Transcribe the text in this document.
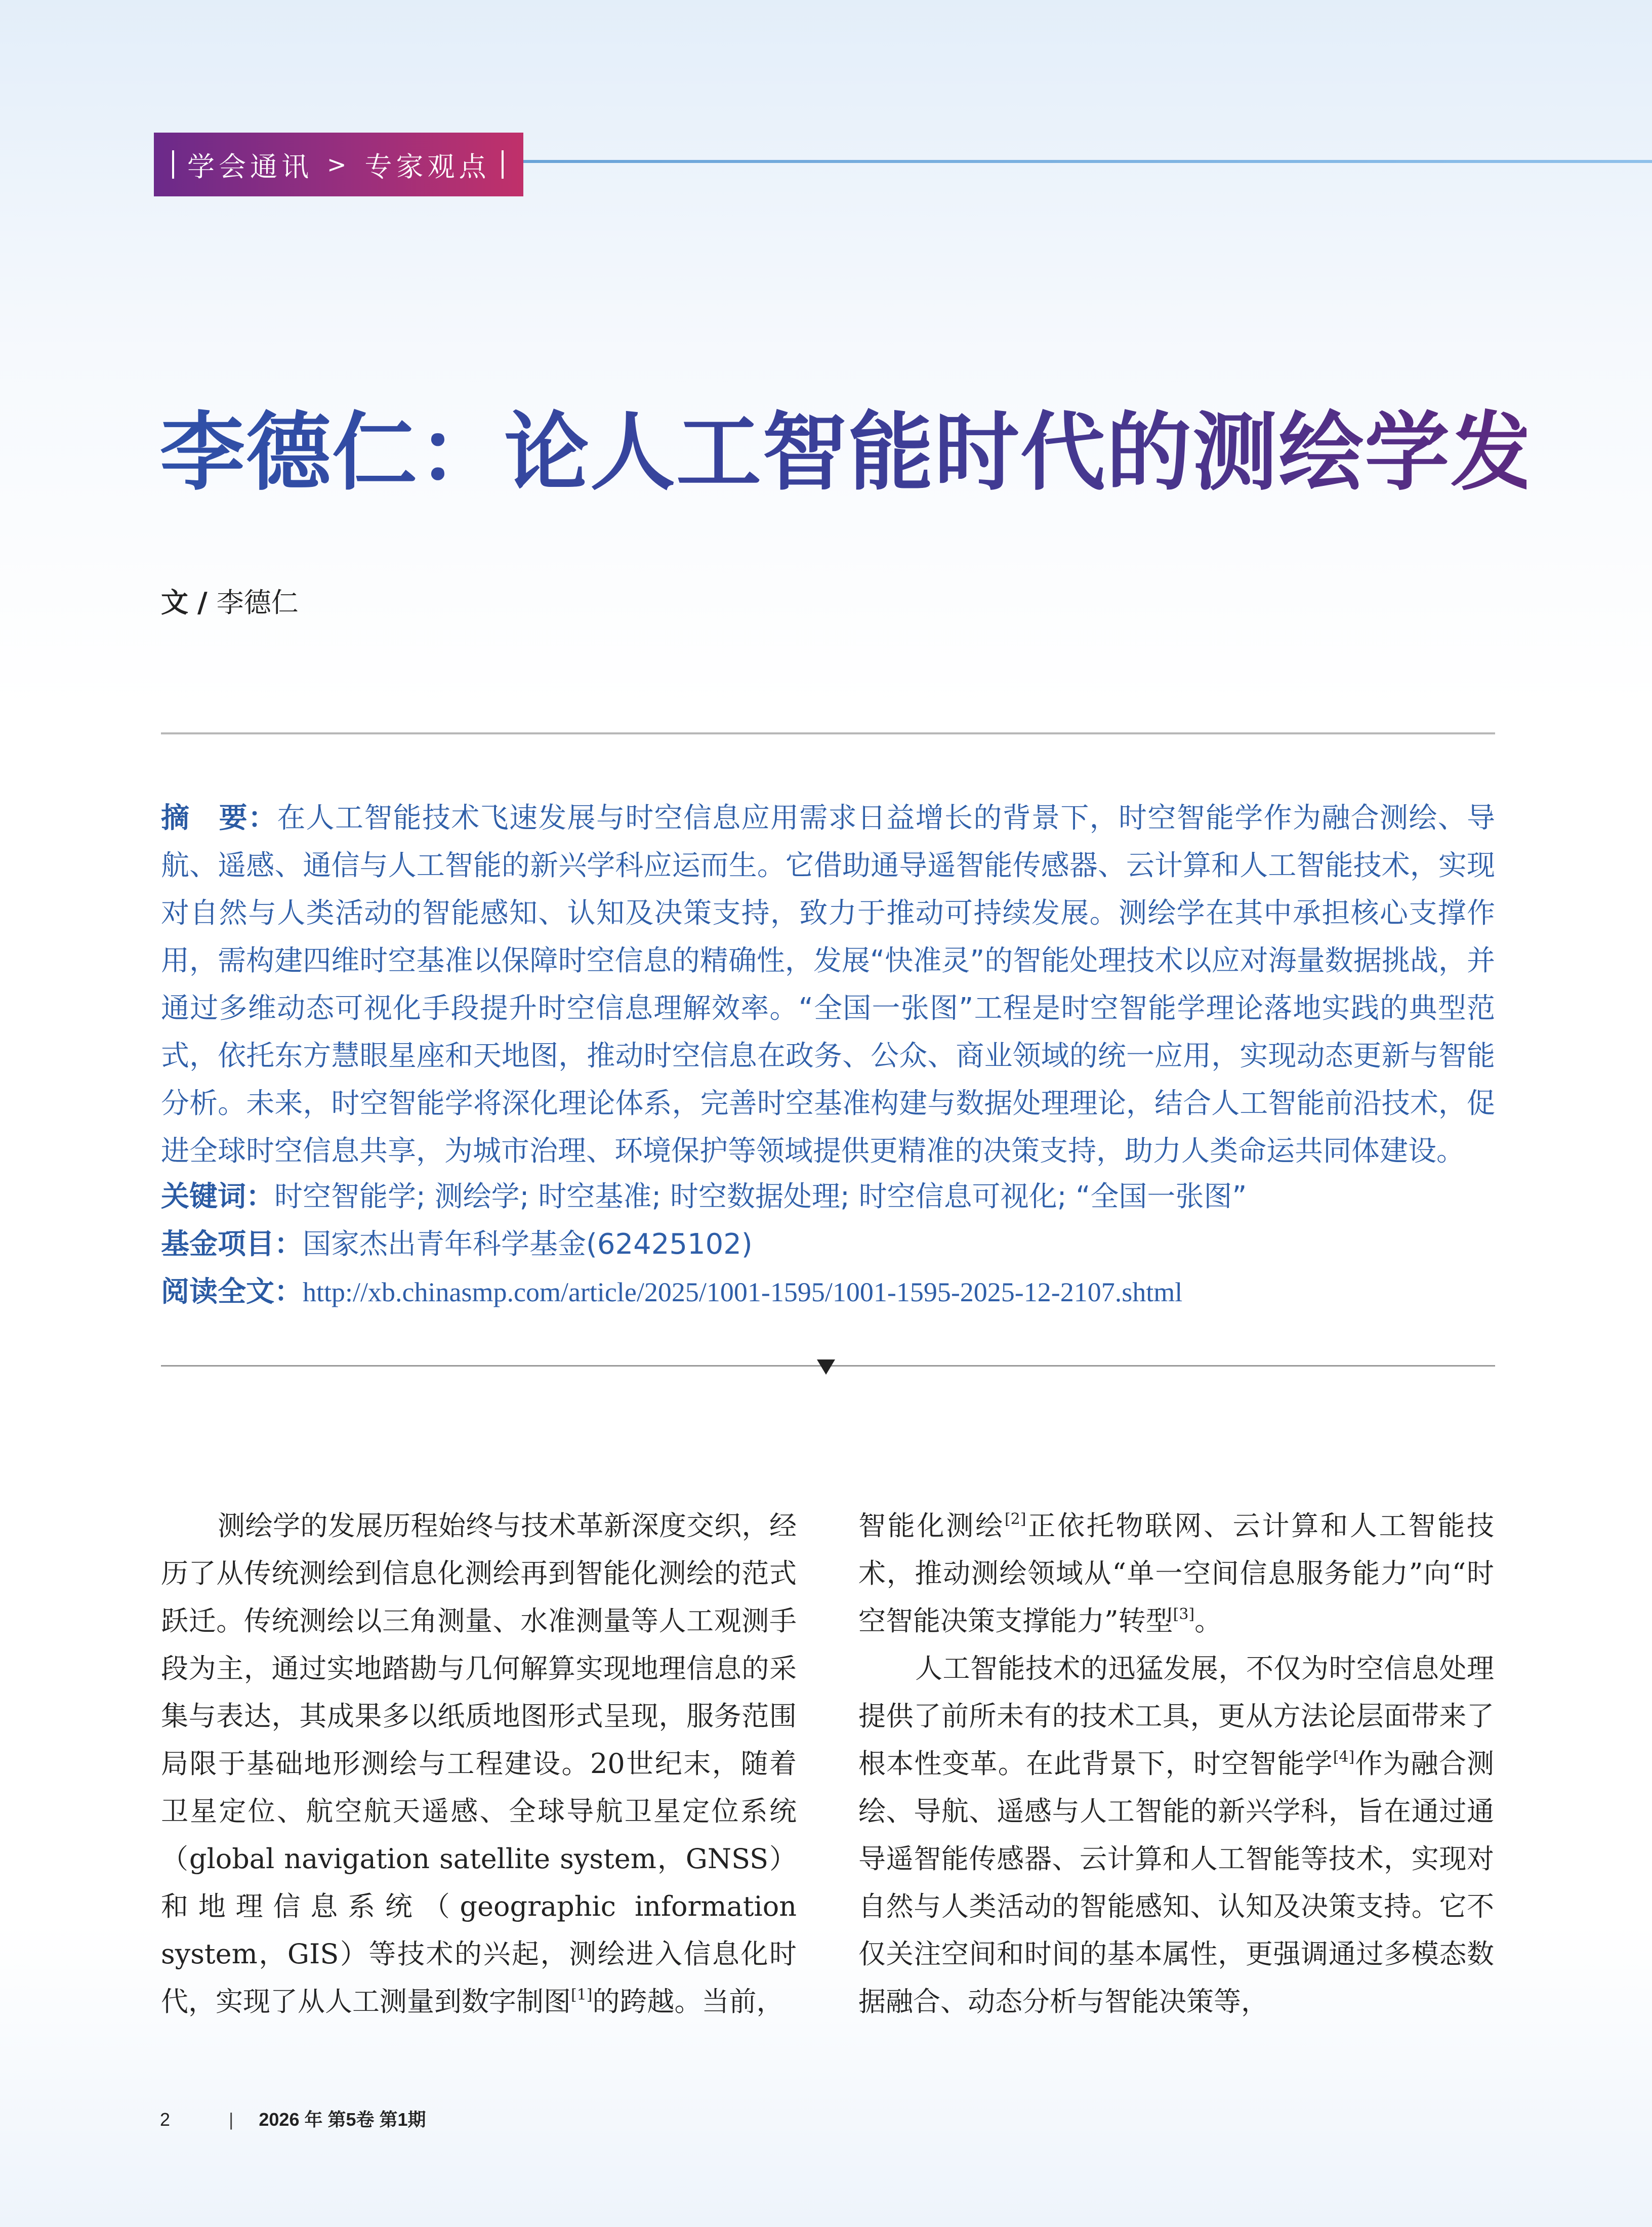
学会通讯 > 专家观点
李德仁：论人工智能时代的测绘学发展
文 / 李德仁
摘　要：在人工智能技术飞速发展与时空信息应用需求日益增长的背景下，时空智能学作为融合测绘、导航、遥感、通信与人工智能的新兴学科应运而生。它借助通导遥智能传感器、云计算和人工智能技术，实现对自然与人类活动的智能感知、认知及决策支持，致力于推动可持续发展。测绘学在其中承担核心支撑作用，需构建四维时空基准以保障时空信息的精确性，发展“快准灵”的智能处理技术以应对海量数据挑战，并通过多维动态可视化手段提升时空信息理解效率。“全国一张图”工程是时空智能学理论落地实践的典型范式，依托东方慧眼星座和天地图，推动时空信息在政务、公众、商业领域的统一应用，实现动态更新与智能分析。未来，时空智能学将深化理论体系，完善时空基准构建与数据处理理论，结合人工智能前沿技术，促进全球时空信息共享，为城市治理、环境保护等领域提供更精准的决策支持，助力人类命运共同体建设。
关键词：时空智能学; 测绘学; 时空基准; 时空数据处理; 时空信息可视化; “全国一张图”
基金项目：国家杰出青年科学基金(62425102)
阅读全文：http://xb.chinasmp.com/article/2025/1001-1595/1001-1595-2025-12-2107.shtml

测绘学的发展历程始终与技术革新深度交织，经历了从传统测绘到信息化测绘再到智能化测绘的范式跃迁。传统测绘以三角测量、水准测量等人工观测手段为主，通过实地踏勘与几何解算实现地理信息的采集与表达，其成果多以纸质地图形式呈现，服务范围局限于基础地形测绘与工程建设。20世纪末，随着卫星定位、航空航天遥感、全球导航卫星定位系统（global navigation satellite system，GNSS）和地理信息系统（geographic information system，GIS）等技术的兴起，测绘进入信息化时代，实现了从人工测量到数字制图[1]的跨越。当前，

智能化测绘[2]正依托物联网、云计算和人工智能技术，推动测绘领域从“单一空间信息服务能力”向“时空智能决策支撑能力”转型[3]。

人工智能技术的迅猛发展，不仅为时空信息处理提供了前所未有的技术工具，更从方法论层面带来了根本性变革。在此背景下，时空智能学[4]作为融合测绘、导航、遥感与人工智能的新兴学科，旨在通过通导遥智能传感器、云计算和人工智能等技术，实现对自然与人类活动的智能感知、认知及决策支持。它不仅关注空间和时间的基本属性，更强调通过多模态数据融合、动态分析与智能决策等，

2	| 2026 年 第5卷 第1期
